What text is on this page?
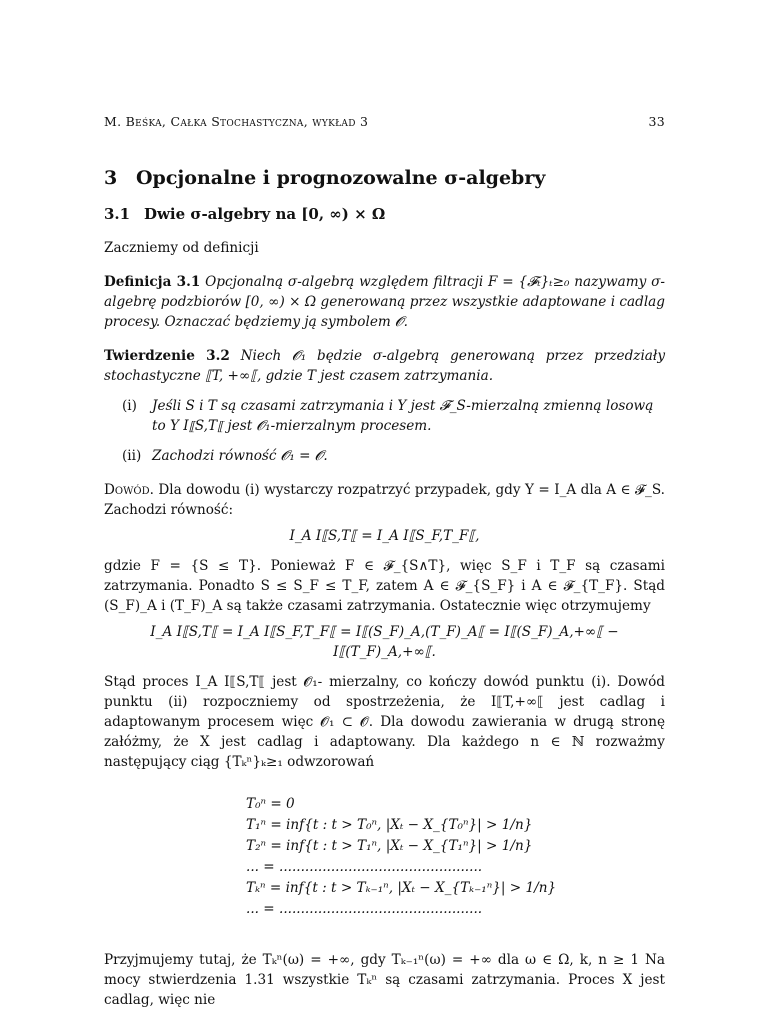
M. Beśka, Całka Stochastyczna, wykład 3	33
3 Opcjonalne i prognozowalne σ-algebry
3.1 Dwie σ-algebry na [0, ∞) × Ω

Zaczniemy od definicji

Definicja 3.1 Opcjonalną σ-algebrą względem filtracji F = {𝓕ₜ}ₜ≥₀ nazywamy σ-algebrę podzbiorów [0, ∞) × Ω generowaną przez wszystkie adaptowane i cadlag procesy. Oznaczać będziemy ją symbolem 𝓞.

Twierdzenie 3.2 Niech 𝓞₁ będzie σ-algebrą generowaną przez przedziały stochastyczne ⟦T, +∞⟦, gdzie T jest czasem zatrzymania.

(i)	Jeśli S i T są czasami zatrzymania i Y jest 𝓕_S-mierzalną zmienną losową to Y I⟦S,T⟦ jest 𝓞₁-mierzalnym procesem.
(ii) Zachodzi równość 𝓞₁ = 𝓞.

Dowód. Dla dowodu (i) wystarczy rozpatrzyć przypadek, gdy Y = I_A dla A ∈ 𝓕_S. Zachodzi równość:

I_A I⟦S,T⟦ = I_A I⟦S_F,T_F⟦,

gdzie F = {S ≤ T}. Ponieważ F ∈ 𝓕_{S∧T}, więc S_F i T_F są czasami zatrzymania. Ponadto S ≤ S_F ≤ T_F, zatem A ∈ 𝓕_{S_F} i A ∈ 𝓕_{T_F}. Stąd (S_F)_A i (T_F)_A są także czasami zatrzymania. Ostatecznie więc otrzymujemy

I_A I⟦S,T⟦ = I_A I⟦S_F,T_F⟦ = I⟦(S_F)_A,(T_F)_A⟦ = I⟦(S_F)_A,+∞⟦ − I⟦(T_F)_A,+∞⟦.

Stąd proces I_A I⟦S,T⟦ jest 𝓞₁- mierzalny, co kończy dowód punktu (i). Dowód punktu (ii) rozpoczniemy od spostrzeżenia, że I⟦T,+∞⟦ jest cadlag i adaptowanym procesem więc 𝓞₁ ⊂ 𝓞. Dla dowodu zawierania w drugą stronę załóżmy, że X jest cadlag i adaptowany. Dla każdego n ∈ ℕ rozważmy następujący ciąg {Tₖⁿ}ₖ≥₁ odwzorowań

T₀ⁿ = 0
T₁ⁿ = inf{t : t > T₀ⁿ, |Xₜ − X_{T₀ⁿ}| > 1/n}
T₂ⁿ = inf{t : t > T₁ⁿ, |Xₜ − X_{T₁ⁿ}| > 1/n}
... = ...............................................
Tₖⁿ = inf{t : t > Tₖ₋₁ⁿ, |Xₜ − X_{Tₖ₋₁ⁿ}| > 1/n}
... = ...............................................

Przyjmujemy tutaj, że Tₖⁿ(ω) = +∞, gdy Tₖ₋₁ⁿ(ω) = +∞ dla ω ∈ Ω, k, n ≥ 1 Na mocy stwierdzenia 1.31 wszystkie Tₖⁿ są czasami zatrzymania. Proces X jest cadlag, więc nie
